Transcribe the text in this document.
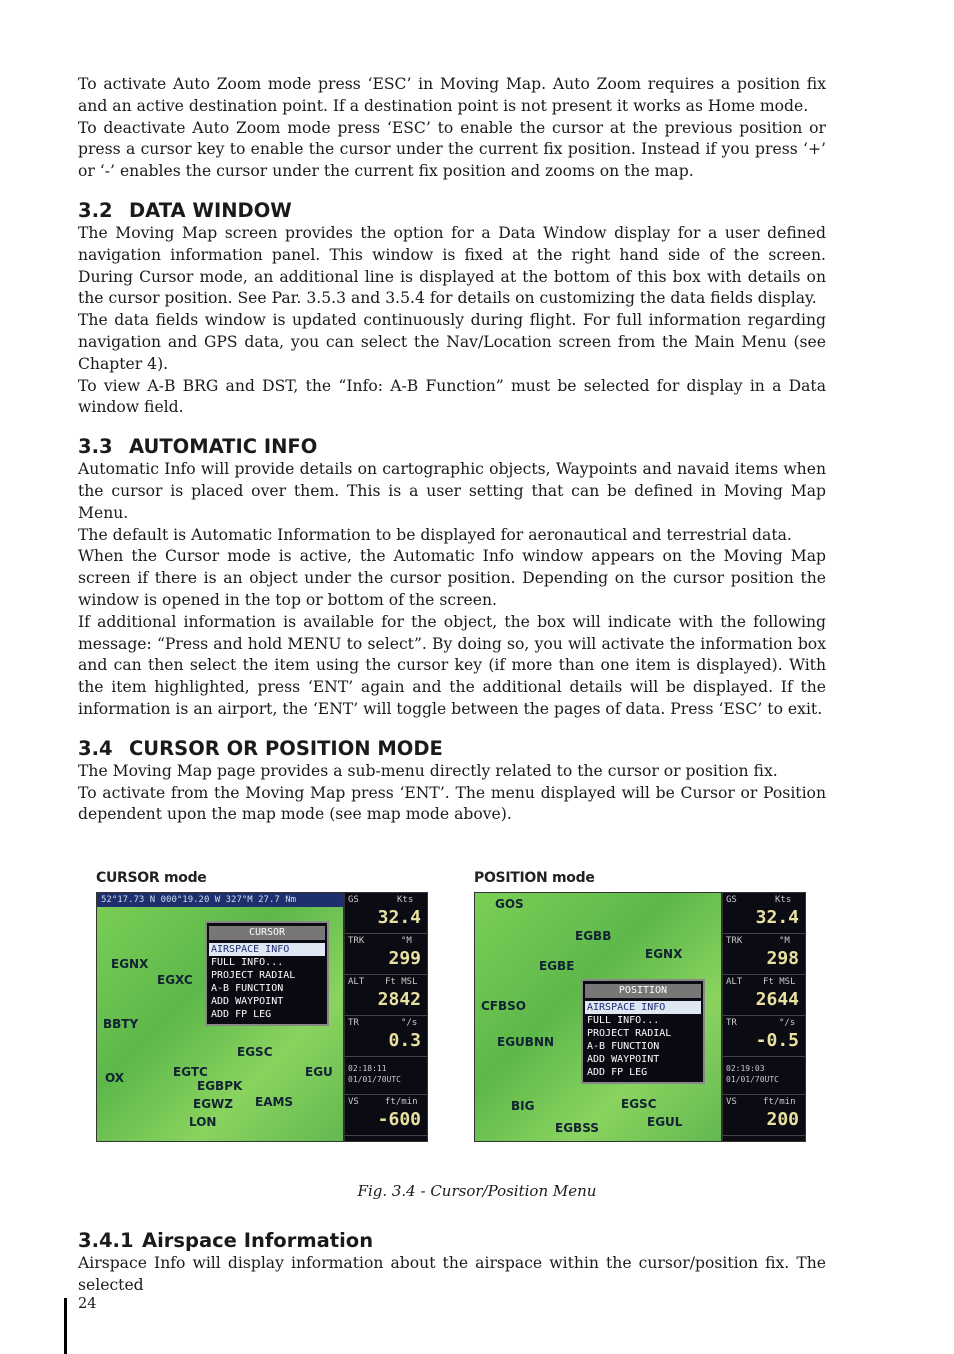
To activate Auto Zoom mode press ‘ESC’ in Moving Map. Auto Zoom requires a position fix and an active destination point. If a destination point is not present it works as Home mode.

To deactivate Auto Zoom mode press ‘ESC’ to enable the cursor at the previous position or press a cursor key to enable the cursor under the current fix position. Instead if you press ‘+’ or ‘-’ enables the cursor under the current fix position and zooms on the map.

3.2 DATA WINDOW

The Moving Map screen provides the option for a Data Window display for a user defined navigation information panel. This window is fixed at the right hand side of the screen. During Cursor mode, an additional line is displayed at the bottom of this box with details on the cursor position. See Par. 3.5.3 and 3.5.4 for details on customizing the data fields display.

The data fields window is updated continuously during flight. For full information regarding navigation and GPS data, you can select the Nav/Location screen from the Main Menu (see Chapter 4).

To view A-B BRG and DST, the “Info: A-B Function” must be selected for display in a Data window field.

3.3 AUTOMATIC INFO

Automatic Info will provide details on cartographic objects, Waypoints and navaid items when the cursor is placed over them. This is a user setting that can be defined in Moving Map Menu.

The default is Automatic Information to be displayed for aeronautical and terrestrial data.

When the Cursor mode is active, the Automatic Info window appears on the Moving Map screen if there is an object under the cursor position. Depending on the cursor position the window is opened in the top or bottom of the screen.

If additional information is available for the object, the box will indicate with the following message: “Press and hold MENU to select”. By doing so, you will activate the information box and can then select the item using the cursor key (if more than one item is displayed). With the item highlighted, press ‘ENT’ again and the additional details will be displayed. If the information is an airport, the ‘ENT’ will toggle between the pages of data. Press ‘ESC’ to exit.

3.4 CURSOR OR POSITION MODE

The Moving Map page provides a sub-menu directly related to the cursor or position fix.

To activate from the Moving Map press ‘ENT’. The menu displayed will be Cursor or Position dependent upon the map mode (see map mode above).

CURSOR mode
52°17.73 N 000°19.20 W 327°M 27.7 Nm
EGNX
EGXC
BBTY
EGSC
EGTC	EGU
OX
EGWZ
LON
EGBPK
EAMS
CURSOR
AIRSPACE INFO
FULL INFO...
PROJECT RADIAL
A-B FUNCTION
ADD WAYPOINT
ADD FP LEG
GS	Kts
32.4
TRK	°M
299
ALT Ft MSL
2842
TR	°/s
0.3
02:18:11
01/01/70UTC
VS	ft/min
-600
POSITION mode
GOS
EGBB
EGBE
EGNX
CFBSO
EGUBNN
EGSC
BIG
EGUL
EGBSS
POSITION
AIRSPACE INFO
FULL INFO...
PROJECT RADIAL
A-B FUNCTION
ADD WAYPOINT
ADD FP LEG
GS	Kts
32.4
TRK	°M
298
ALT Ft MSL
2644
TR	°/s
-0.5
02:19:03
01/01/70UTC
VS	ft/min
200
Fig. 3.4 - Cursor/Position Menu
3.4.1 Airspace Information

Airspace Info will display information about the airspace within the cursor/position fix. The selected

24
